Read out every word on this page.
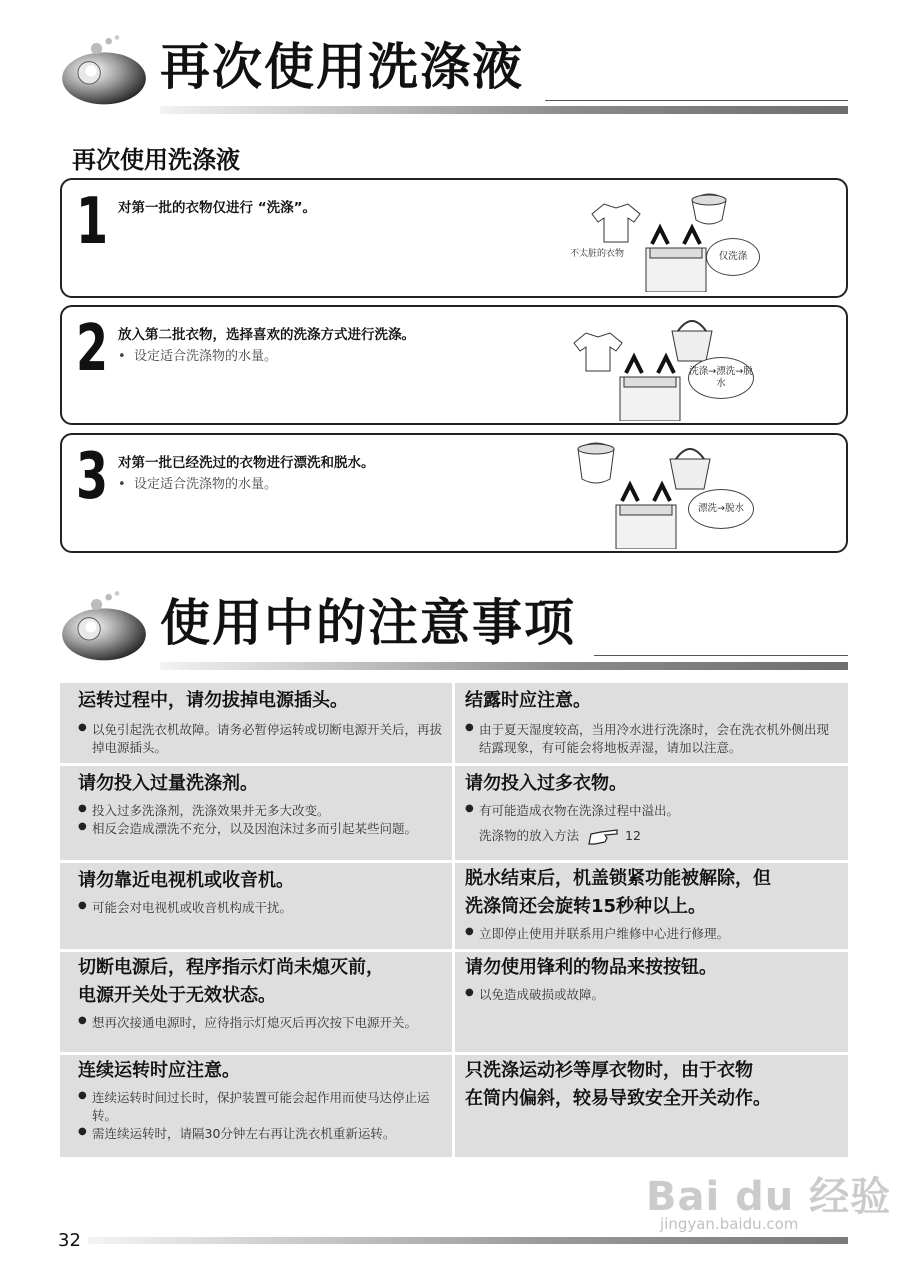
再次使用洗涤液
再次使用洗涤液
1 对第一批的衣物仅进行 “洗涤”。
不太脏的衣物	仅洗涤
2 放入第二批衣物，选择喜欢的洗涤方式进行洗涤。
•  设定适合洗涤物的水量。
洗涤→漂洗→脱水
3 对第一批已经洗过的衣物进行漂洗和脱水。
•  设定适合洗涤物的水量。
漂洗→脱水
使用中的注意事项
运转过程中，请勿拔掉电源插头。
● 以免引起洗衣机故障。请务必暂停运转或切断电源开关后，再拔掉电源插头。
结露时应注意。
● 由于夏天湿度较高，当用冷水进行洗涤时，会在洗衣机外侧出现结露现象，有可能会将地板弄湿，请加以注意。
请勿投入过量洗涤剂。
● 投入过多洗涤剂，洗涤效果并无多大改变。
● 相反会造成漂洗不充分，以及因泡沫过多而引起某些问题。
请勿投入过多衣物。
● 有可能造成衣物在洗涤过程中溢出。
洗涤物的放入方法	12
请勿靠近电视机或收音机。
● 可能会对电视机或收音机构成干扰。
脱水结束后，机盖锁紧功能被解除，但
洗涤筒还会旋转15秒种以上。
● 立即停止使用并联系用户维修中心进行修理。
切断电源后，程序指示灯尚未熄灭前，
电源开关处于无效状态。
● 想再次接通电源时，应待指示灯熄灭后再次按下电源开关。
请勿使用锋利的物品来按按钮。
● 以免造成破损或故障。
连续运转时应注意。
● 连续运转时间过长时，保护装置可能会起作用而使马达停止运转。
● 需连续运转时，请隔30分钟左右再让洗衣机重新运转。
只洗涤运动衫等厚衣物时，由于衣物
在筒内偏斜，较易导致安全开关动作。
Bai du 经验
jingyan.baidu.com
32
